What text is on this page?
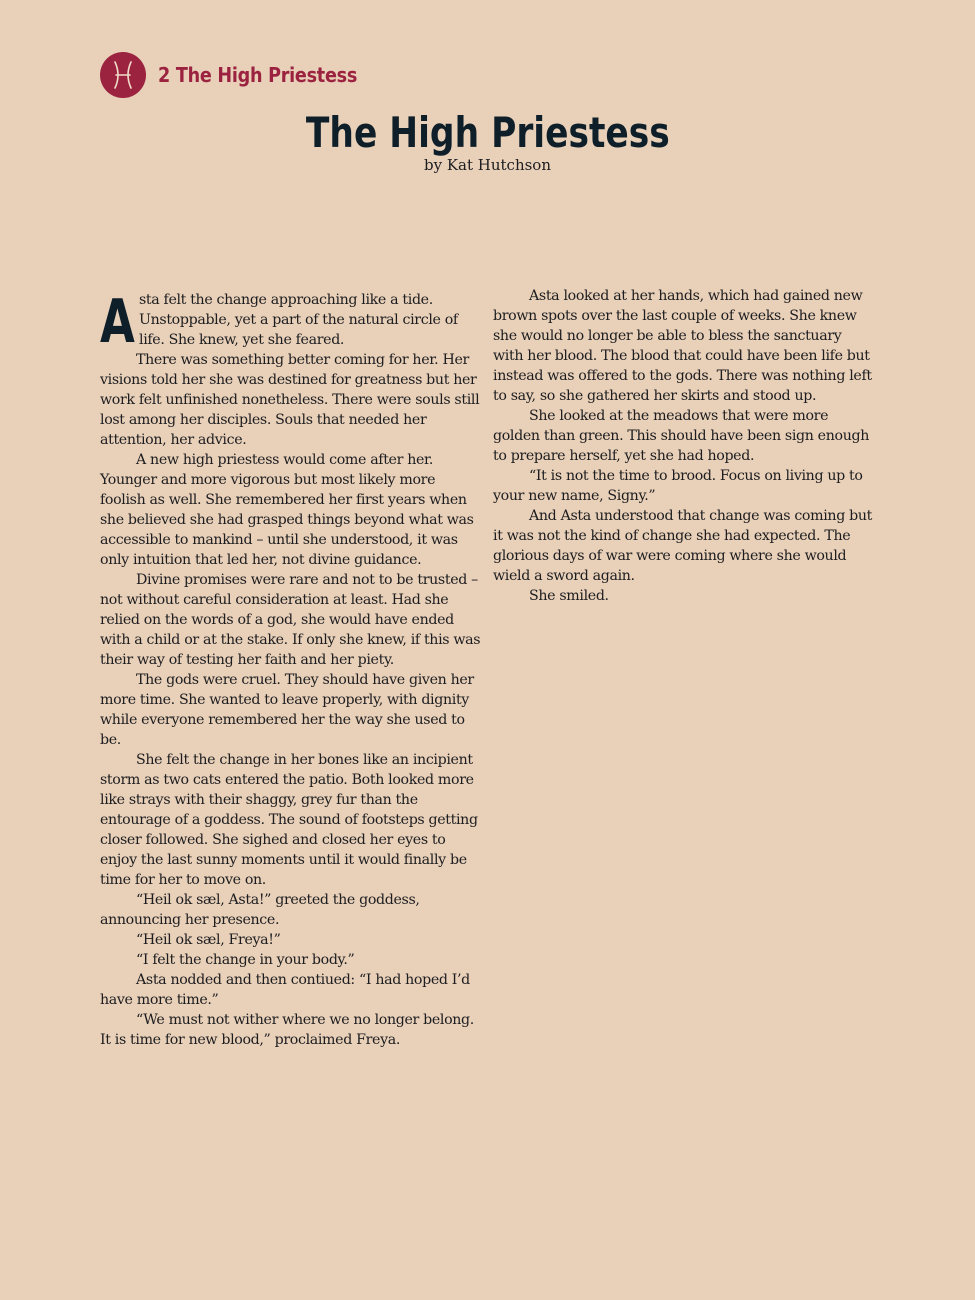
2 The High Priestess
The High Priestess
by Kat Hutchson

Asta felt the change approaching like a tide. Unstoppable, yet a part of the natural circle of life. She knew, yet she feared.

There was something better coming for her. Her visions told her she was destined for greatness but her work felt unfinished nonetheless. There were souls still lost among her disciples. Souls that needed her attention, her advice.

A new high priestess would come after her. Younger and more vigorous but most likely more foolish as well. She remembered her first years when she believed she had grasped things beyond what was accessible to mankind – until she understood, it was only intuition that led her, not divine guidance.

Divine promises were rare and not to be trusted – not without careful consideration at least. Had she relied on the words of a god, she would have ended with a child or at the stake. If only she knew, if this was their way of testing her faith and her piety.

The gods were cruel. They should have given her more time. She wanted to leave properly, with dignity while everyone remembered her the way she used to be.

She felt the change in her bones like an incipient storm as two cats entered the patio. Both looked more like strays with their shaggy, grey fur than the entourage of a goddess. The sound of footsteps getting closer followed. She sighed and closed her eyes to enjoy the last sunny moments until it would finally be time for her to move on.

“Heil ok sæl, Asta!” greeted the goddess, announcing her presence.

“Heil ok sæl, Freya!”

“I felt the change in your body.”

Asta nodded and then contiued: “I had hoped I’d have more time.”

“We must not wither where we no longer belong. It is time for new blood,” proclaimed Freya.

Asta looked at her hands, which had gained new brown spots over the last couple of weeks. She knew she would no longer be able to bless the sanctuary with her blood. The blood that could have been life but instead was offered to the gods. There was nothing left to say, so she gathered her skirts and stood up.

She looked at the meadows that were more golden than green. This should have been sign enough to prepare herself, yet she had hoped.

“It is not the time to brood. Focus on living up to your new name, Signy.”

And Asta understood that change was coming but it was not the kind of change she had expected. The glorious days of war were coming where she would wield a sword again.

She smiled.
